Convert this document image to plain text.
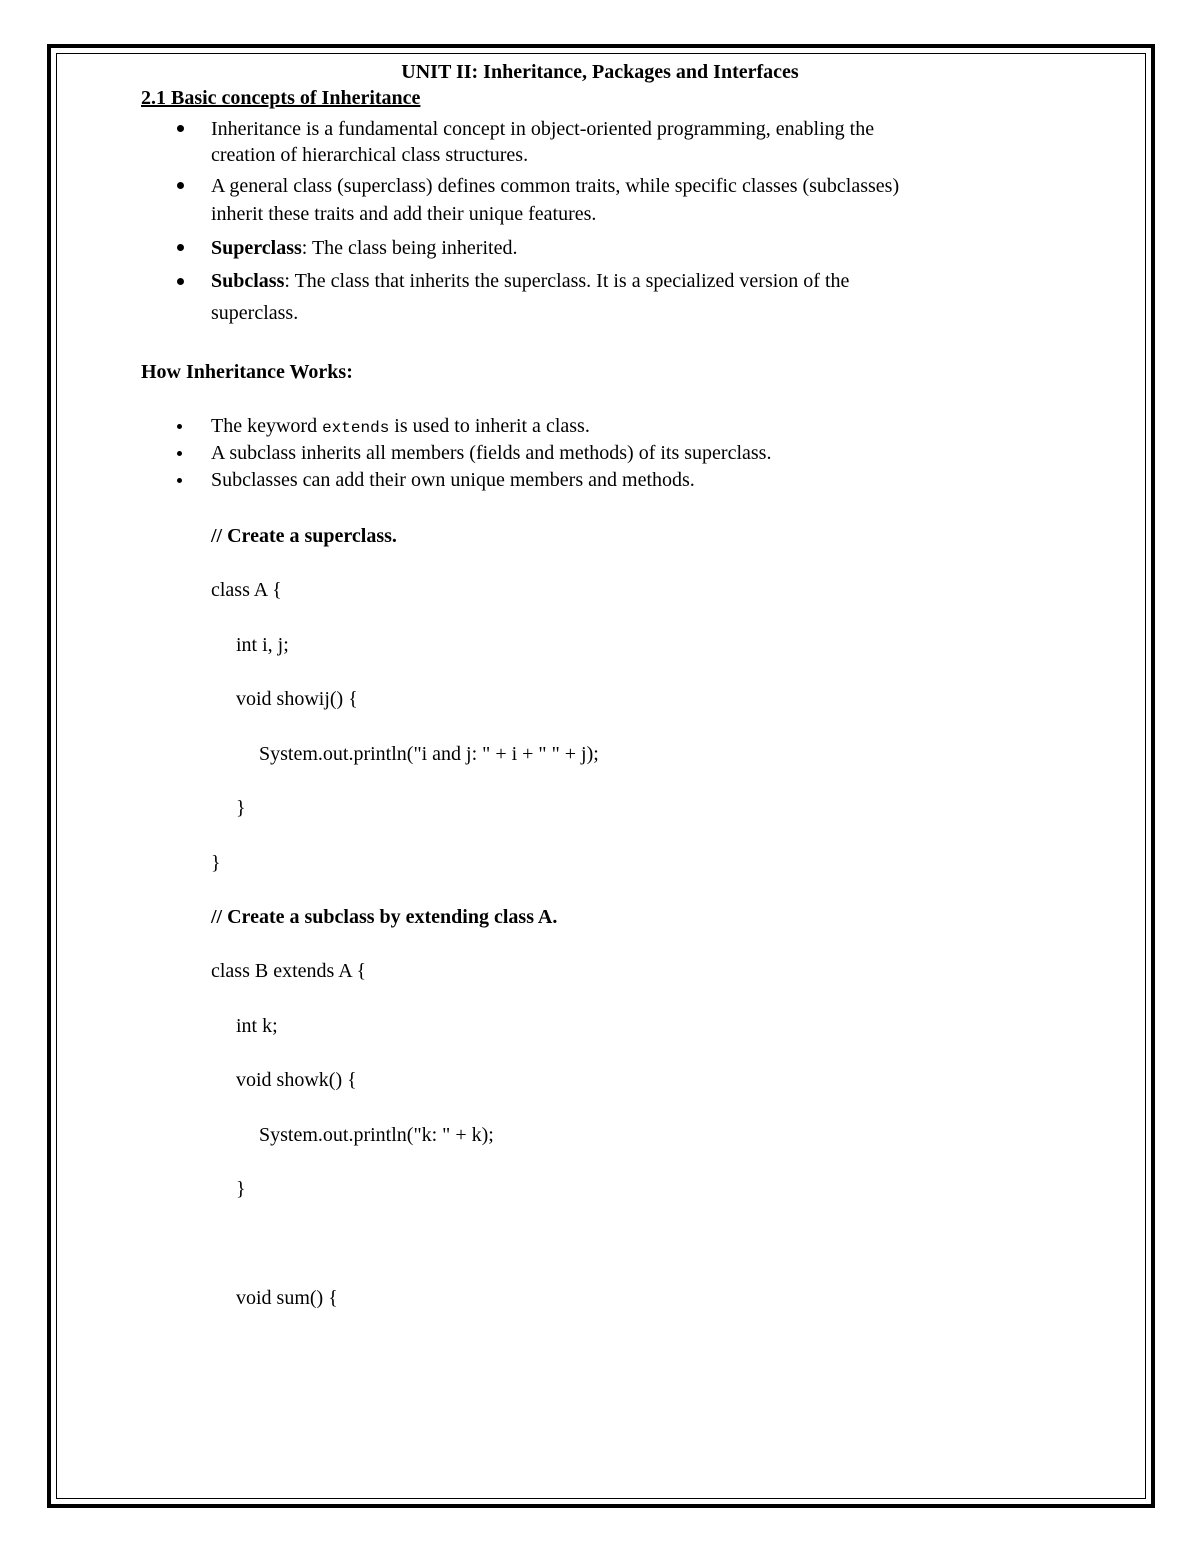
UNIT II: Inheritance, Packages and Interfaces
2.1 Basic concepts of Inheritance
Inheritance is a fundamental concept in object-oriented programming, enabling the
creation of hierarchical class structures.
A general class (superclass) defines common traits, while specific classes (subclasses)
inherit these traits and add their unique features.
Superclass: The class being inherited.
Subclass: The class that inherits the superclass. It is a specialized version of the
superclass.
How Inheritance Works:
The keyword extends is used to inherit a class.
A subclass inherits all members (fields and methods) of its superclass.
Subclasses can add their own unique members and methods.
// Create a superclass.
class A {
int i, j;
void showij() {
System.out.println("i and j: " + i + " " + j);
}
}
// Create a subclass by extending class A.
class B extends A {
int k;
void showk() {
System.out.println("k: " + k);
}
void sum() {
